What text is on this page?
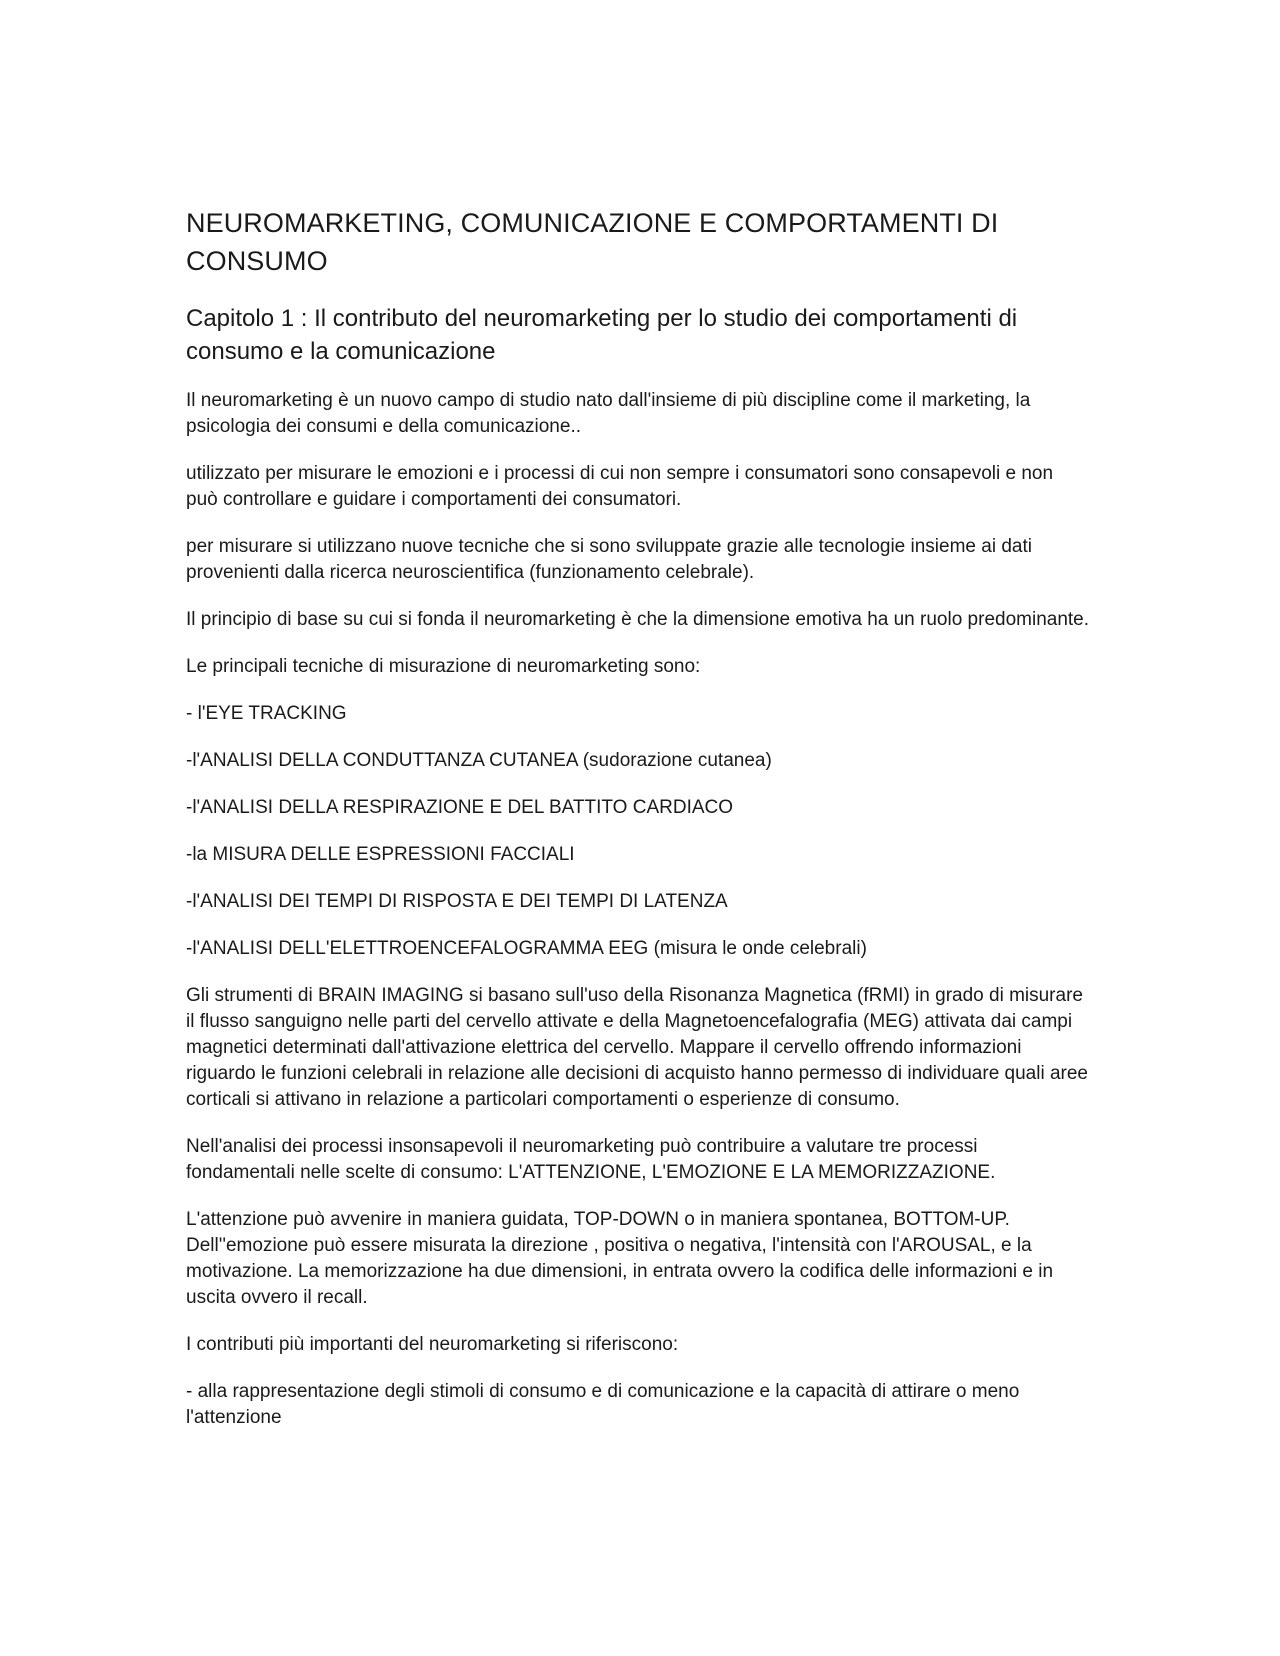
NEUROMARKETING, COMUNICAZIONE E COMPORTAMENTI DI CONSUMO
Capitolo 1 : Il contributo del neuromarketing per lo studio dei comportamenti di consumo e la comunicazione

Il neuromarketing è un nuovo campo di studio nato dall'insieme di più discipline come il marketing, la psicologia dei consumi e della comunicazione..

utilizzato per misurare le emozioni e i processi di cui non sempre i consumatori sono consapevoli e non può controllare e guidare i comportamenti dei consumatori.

per misurare si utilizzano nuove tecniche che si sono sviluppate grazie alle tecnologie insieme ai dati provenienti dalla ricerca neuroscientifica (funzionamento celebrale).

Il principio di base su cui si fonda il neuromarketing è che la dimensione emotiva ha un ruolo predominante.

Le principali tecniche di misurazione di neuromarketing sono:

- l'EYE TRACKING

-l'ANALISI DELLA CONDUTTANZA CUTANEA (sudorazione cutanea)

-l'ANALISI DELLA RESPIRAZIONE E DEL BATTITO CARDIACO

-la MISURA DELLE ESPRESSIONI FACCIALI

-l'ANALISI DEI TEMPI DI RISPOSTA E DEI TEMPI DI LATENZA

-l'ANALISI DELL'ELETTROENCEFALOGRAMMA EEG (misura le onde celebrali)

Gli strumenti di BRAIN IMAGING si basano sull'uso della Risonanza Magnetica (fRMI) in grado di misurare il flusso sanguigno nelle parti del cervello attivate e della Magnetoencefalografia (MEG) attivata dai campi magnetici determinati dall'attivazione elettrica del cervello. Mappare il cervello offrendo informazioni riguardo le funzioni celebrali in relazione alle decisioni di acquisto hanno permesso di individuare quali aree corticali si attivano in relazione a particolari comportamenti o esperienze di consumo.

Nell'analisi dei processi insonsapevoli il neuromarketing può contribuire a valutare tre processi fondamentali nelle scelte di consumo: L'ATTENZIONE, L'EMOZIONE E LA MEMORIZZAZIONE.

L'attenzione può avvenire in maniera guidata, TOP-DOWN o in maniera spontanea, BOTTOM-UP. Dell''emozione può essere misurata la direzione , positiva o negativa, l'intensità con l'AROUSAL, e la motivazione. La memorizzazione ha due dimensioni, in entrata ovvero la codifica delle informazioni e in uscita ovvero il recall.

I contributi più importanti del neuromarketing si riferiscono:

- alla rappresentazione degli stimoli di consumo e di comunicazione e la capacità di attirare o meno l'attenzione
